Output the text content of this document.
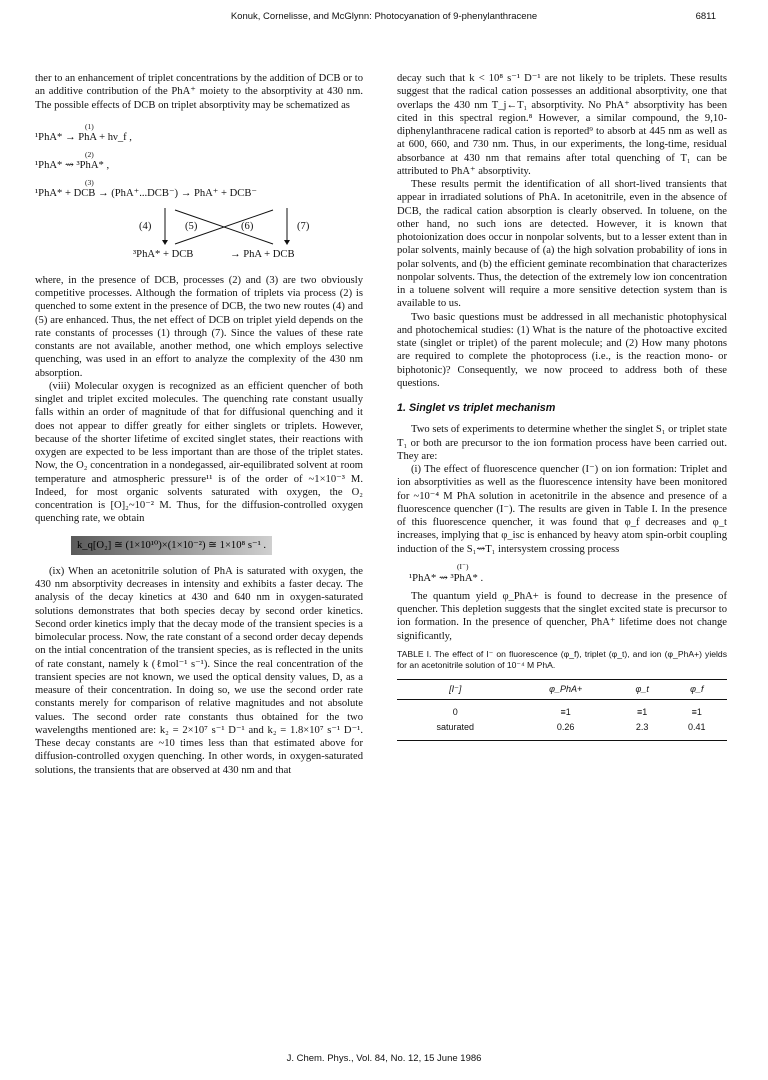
Konuk, Cornelisse, and McGlynn: Photocyanation of 9-phenylanthracene	6811

ther to an enhancement of triplet concentrations by the addition of DCB or to an additive contribution of the PhA⁺ moiety to the absorptivity at 430 nm. The possible effects of DCB on triplet absorptivity may be schematized as

(1)
¹PhA* → PhA + hν_f ,
(2)
¹PhA* ⇝ ³PhA* ,
(3)
¹PhA* + DCB → (PhA⁺...DCB⁻) → PhA⁺ + DCB⁻
(4)	(5)	(6)	(7)
³PhA* + DCB	→ PhA + DCB

where, in the presence of DCB, processes (2) and (3) are two obviously competitive processes. Although the formation of triplets via process (2) is quenched to some extent in the presence of DCB, the two new routes (4) and (5) are enhanced. Thus, the net effect of DCB on triplet yield depends on the rate constants of processes (1) through (7). Since the values of these rate constants are not available, another method, one which employs selective quenching, was used in an effort to analyze the complexity of the 430 nm absorption.

(viii) Molecular oxygen is recognized as an efficient quencher of both singlet and triplet excited molecules. The quenching rate constant usually falls within an order of magnitude of that for diffusional quenching and it does not appear to differ greatly for either singlets or triplets. However, because of the shorter lifetime of excited singlet states, their reactions with oxygen are expected to be less important than are those of the triplet states. Now, the O₂ concentration in a nondegassed, air-equilibrated solvent at room temperature and atmospheric pressure¹¹ is of the order of ~1×10⁻³ M. Indeed, for most organic solvents saturated with oxygen, the O₂ concentration is [O]₂~10⁻² M. Thus, for the diffusion-controlled oxygen quenching rate, we obtain

k_q[O₂] ≅ (1×10¹⁰)×(1×10⁻²) ≅ 1×10⁸ s⁻¹ .

(ix) When an acetonitrile solution of PhA is saturated with oxygen, the 430 nm absorptivity decreases in intensity and exhibits a faster decay. The analysis of the decay kinetics at 430 and 640 nm in oxygen-saturated solutions demonstrates that both species decay by second order kinetics. Second order kinetics imply that the decay mode of the transient species is a bimolecular process. Now, the rate constant of a second order decay depends on the intial concentration of the transient species, as is reflected in the units of rate constant, namely k (ℓmol⁻¹ s⁻¹). Since the real concentration of the transient species are not known, we used the optical density values, D, as a measure of their concentration. In doing so, we use the second order rate constants merely for comparison of relative magnitudes and not absolute values. The second order rate constants thus obtained for the two wavelengths mentioned are: k₂ = 2×10⁷ s⁻¹ D⁻¹ and k₂ = 1.8×10⁷ s⁻¹ D⁻¹. These decay constants are ~10 times less than that estimated above for diffusion-controlled oxygen quenching. In other words, in oxygen-saturated solutions, the transients that are observed at 430 nm and that

decay such that k < 10⁸ s⁻¹ D⁻¹ are not likely to be triplets. These results suggest that the radical cation possesses an additional absorptivity, one that overlaps the 430 nm T_j←T₁ absorptivity. No PhA⁺ absorptivity has been cited in this spectral region.⁸ However, a similar compound, the 9,10-diphenylanthracene radical cation is reported⁹ to absorb at 445 nm as well as at 600, 660, and 730 nm. Thus, in our experiments, the long-time, residual absorbance at 430 nm that remains after total quenching of T₁ can be attributed to PhA⁺ absorptivity.

These results permit the identification of all short-lived transients that appear in irradiated solutions of PhA. In acetonitrile, even in the absence of DCB, the radical cation absorption is clearly observed. In toluene, on the other hand, no such ions are detected. However, it is known that photoionization does occur in nonpolar solvents, but to a lesser extent than in polar solvents, mainly because of (a) the high solvation probability of ions in polar solvents, and (b) the efficient geminate recombination that characterizes nonpolar solvents. Thus, the detection of the extremely low ion concentration in a toluene solvent will require a more sensitive detection system than is available to us.

Two basic questions must be addressed in all mechanistic photophysical and photochemical studies: (1) What is the nature of the photoactive excited state (singlet or triplet) of the parent molecule; and (2) How many photons are required to complete the photoprocess (i.e., is the reaction mono- or biphotonic)? Consequently, we now proceed to address both of these questions.

1. Singlet vs triplet mechanism

Two sets of experiments to determine whether the singlet S₁ or triplet state T₁ or both are precursor to the ion formation process have been carried out. They are:

(i) The effect of fluorescence quencher (I⁻) on ion formation: Triplet and ion absorptivities as well as the fluorescence intensity have been monitored for ~10⁻⁴ M PhA solution in acetonitrile in the absence and presence of a fluorescence quencher (I⁻). The results are given in Table I. In the presence of this fluorescence quencher, it was found that φ_f decreases and φ_t increases, implying that φ_isc is enhanced by heavy atom spin-orbit coupling induction of the S₁⇝T₁ intersystem crossing process

(I⁻)
¹PhA* ⇝ ³PhA* .

The quantum yield φ_PhA+ is found to decrease in the presence of quencher. This depletion suggests that the singlet excited state is precursor to ion formation. In the presence of quencher, PhA⁺ lifetime does not change significantly,

TABLE I. The effect of I⁻ on fluorescence (φ_f), triplet (φ_t), and ion (φ_PhA+) yields for an acetonitrile solution of 10⁻⁴ M PhA.

[I⁻]	φ_PhA+	φ_t	φ_f
0	≡1	≡1	≡1
saturated	0.26	2.3	0.41
J. Chem. Phys., Vol. 84, No. 12, 15 June 1986
